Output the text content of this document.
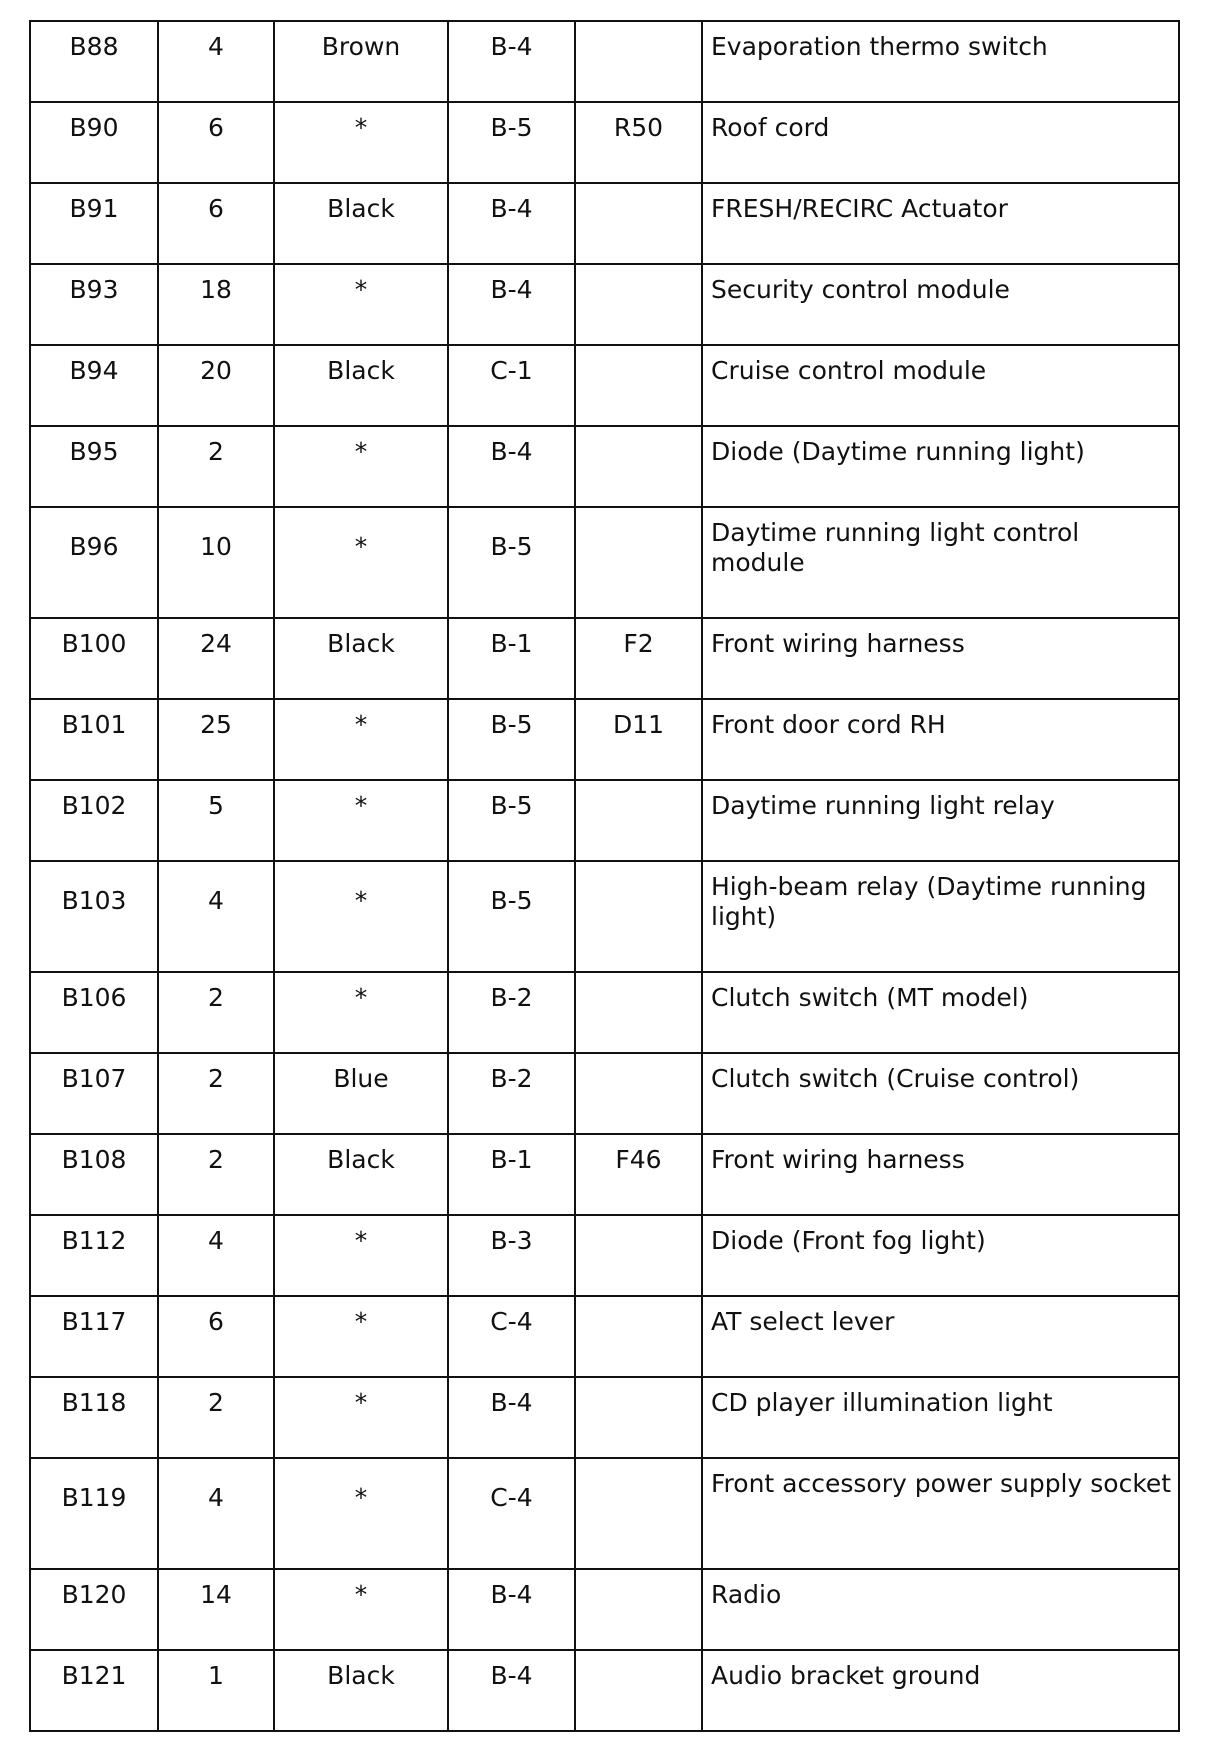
B88	4	Brown	B-4		Evaporation thermo switch
B90	6	*	B-5	R50	Roof cord
B91	6	Black	B-4		FRESH/RECIRC Actuator
B93	18	*	B-4		Security control module
B94	20	Black	C-1		Cruise control module
B95	2	*	B-4		Diode (Daytime running light)
B96	10	*	B-5		Daytime running light control module
B100	24	Black	B-1	F2	Front wiring harness
B101	25	*	B-5	D11	Front door cord RH
B102	5	*	B-5		Daytime running light relay
B103	4	*	B-5		High-beam relay (Daytime running light)
B106	2	*	B-2		Clutch switch (MT model)
B107	2	Blue	B-2		Clutch switch (Cruise control)
B108	2	Black	B-1	F46	Front wiring harness
B112	4	*	B-3		Diode (Front fog light)
B117	6	*	C-4		AT select lever
B118	2	*	B-4		CD player illumination light
B119	4	*	C-4		Front accessory power supply socket
B120	14	*	B-4		Radio
B121	1	Black	B-4		Audio bracket ground
